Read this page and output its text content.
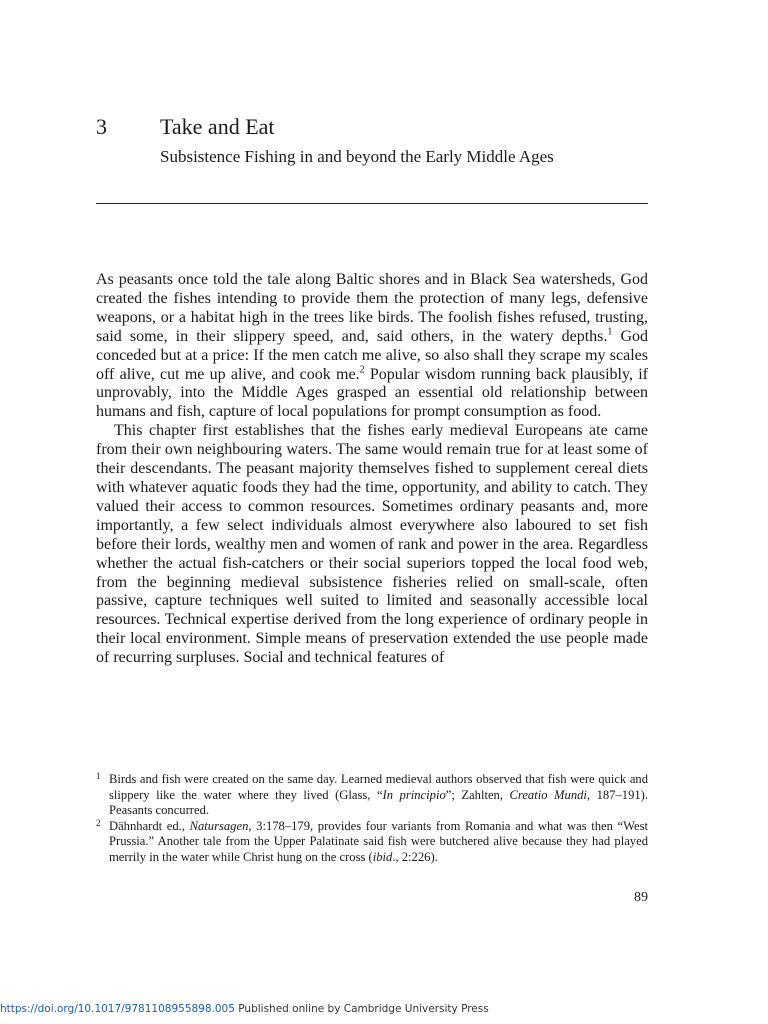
3 Take and Eat
Subsistence Fishing in and beyond the Early Middle Ages

As peasants once told the tale along Baltic shores and in Black Sea watersheds, God created the fishes intending to provide them the protection of many legs, defensive weapons, or a habitat high in the trees like birds. The foolish fishes refused, trusting, said some, in their slippery speed, and, said others, in the watery depths.$^1$ God conceded but at a price: If the men catch me alive, so also shall they scrape my scales off alive, cut me up alive, and cook me.$^2$ Popular wisdom running back plausibly, if unprovably, into the Middle Ages grasped an essential old relationship between humans and fish, capture of local populations for prompt consumption as food.

This chapter first establishes that the fishes early medieval Europeans ate came from their own neighbouring waters. The same would remain true for at least some of their descendants. The peasant majority themselves fished to supplement cereal diets with whatever aquatic foods they had the time, opportunity, and ability to catch. They valued their access to common resources. Sometimes ordinary peasants and, more importantly, a few select individuals almost everywhere also laboured to set fish before their lords, wealthy men and women of rank and power in the area. Regardless whether the actual fish-catchers or their social superiors topped the local food web, from the beginning medieval subsistence fisheries relied on small-scale, often passive, capture techniques well suited to limited and seasonally accessible local resources. Technical expertise derived from the long experience of ordinary people in their local environment. Simple means of preservation extended the use people made of recurring surpluses. Social and technical features of

1 Birds and fish were created on the same day. Learned medieval authors observed that fish were quick and slippery like the water where they lived (Glass, “In principio”; Zahlten, Creatio Mundi, 187–191). Peasants concurred.
2 Dähnhardt ed., Natursagen, 3:178–179, provides four variants from Romania and what was then “West Prussia.” Another tale from the Upper Palatinate said fish were butchered alive because they had played merrily in the water while Christ hung on the cross (ibid., 2:226).
89
https://doi.org/10.1017/9781108955898.005 Published online by Cambridge University Press
